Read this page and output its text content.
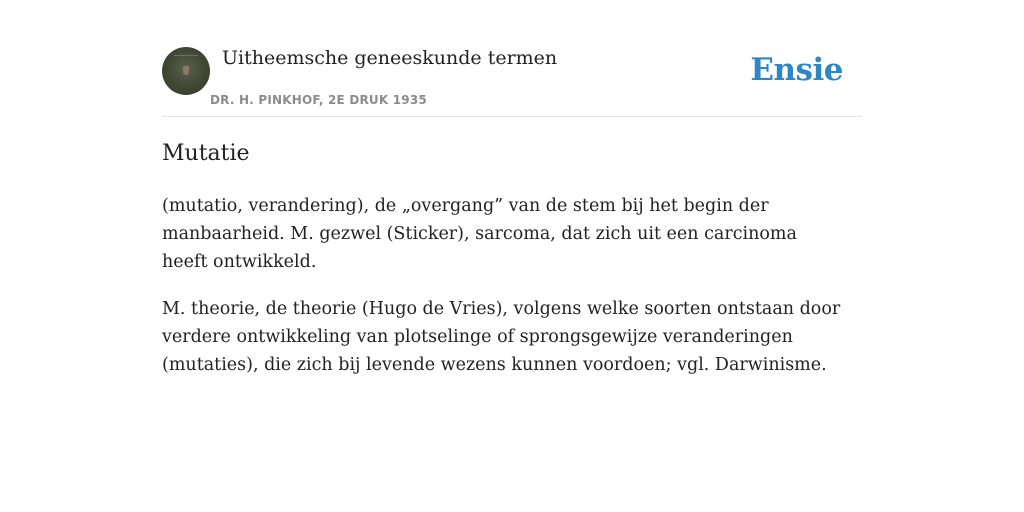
Uitheemsche geneeskunde termen
DR. H. PINKHOF, 2E DRUK 1935
Ensie
Mutatie

(mutatio, verandering), de „overgang” van de stem bij het begin der manbaarheid. M. gezwel (Sticker), sarcoma, dat zich uit een carcinoma heeft ontwikkeld.

M. theorie, de theorie (Hugo de Vries), volgens welke soorten ontstaan door verdere ontwikkeling van plotselinge of sprongsgewijze veranderingen (mutaties), die zich bij levende wezens kunnen voordoen; vgl. Darwinisme.
